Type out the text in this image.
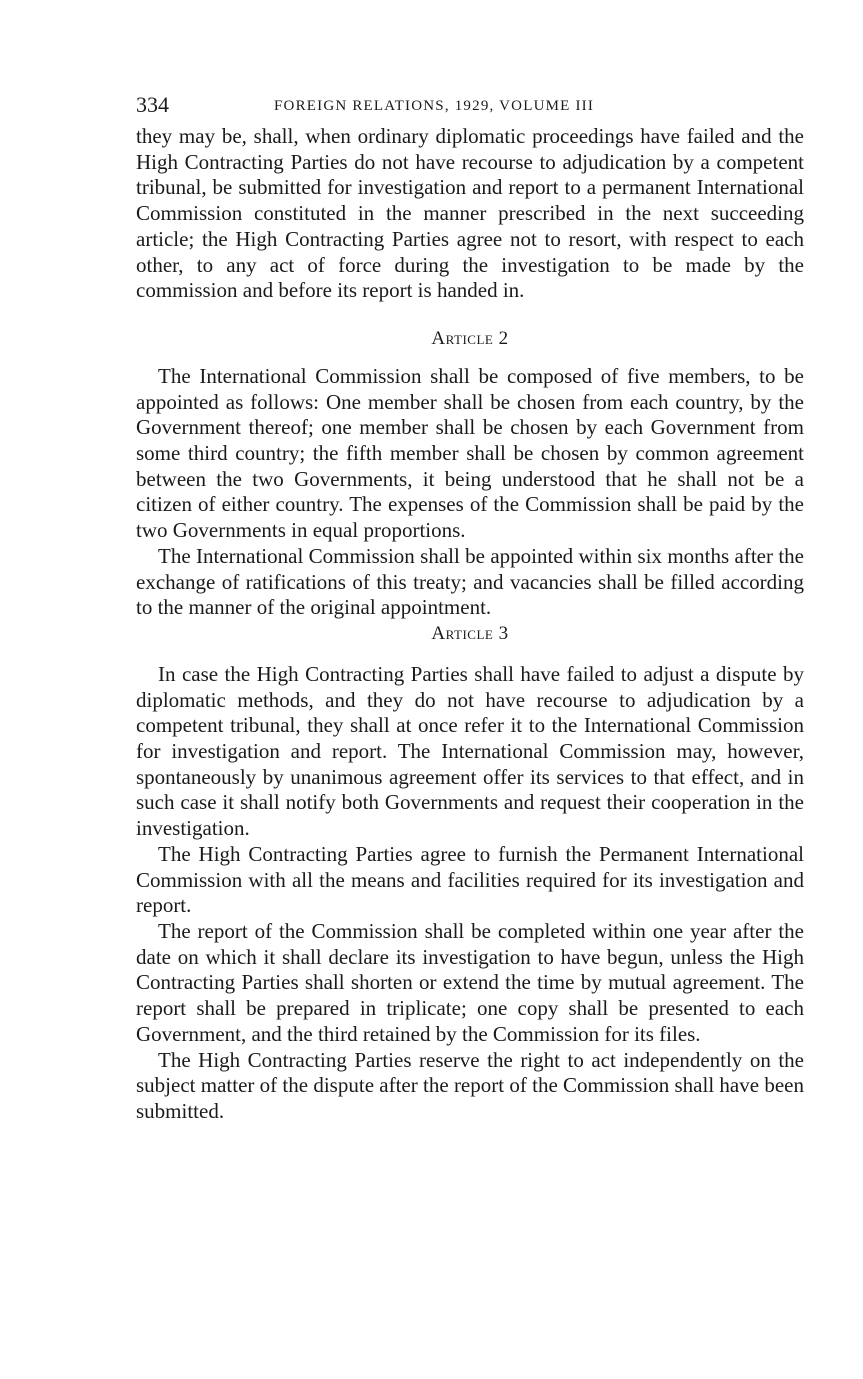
334	FOREIGN RELATIONS, 1929, VOLUME III

they may be, shall, when ordinary diplomatic proceedings have failed and the High Contracting Parties do not have recourse to adjudication by a competent tribunal, be submitted for investigation and report to a permanent International Commission constituted in the manner prescribed in the next succeeding article; the High Contracting Parties agree not to resort, with respect to each other, to any act of force during the investigation to be made by the commission and before its report is handed in.

Article 2

The International Commission shall be composed of five members, to be appointed as follows: One member shall be chosen from each country, by the Government thereof; one member shall be chosen by each Government from some third country; the fifth member shall be chosen by common agreement between the two Governments, it being understood that he shall not be a citizen of either country. The expenses of the Commission shall be paid by the two Governments in equal proportions.

The International Commission shall be appointed within six months after the exchange of ratifications of this treaty; and vacancies shall be filled according to the manner of the original appointment.

Article 3

In case the High Contracting Parties shall have failed to adjust a dispute by diplomatic methods, and they do not have recourse to adjudication by a competent tribunal, they shall at once refer it to the International Commission for investigation and report. The International Commission may, however, spontaneously by unanimous agreement offer its services to that effect, and in such case it shall notify both Governments and request their cooperation in the investigation.

The High Contracting Parties agree to furnish the Permanent International Commission with all the means and facilities required for its investigation and report.

The report of the Commission shall be completed within one year after the date on which it shall declare its investigation to have begun, unless the High Contracting Parties shall shorten or extend the time by mutual agreement. The report shall be prepared in triplicate; one copy shall be presented to each Government, and the third retained by the Commission for its files.

The High Contracting Parties reserve the right to act independently on the subject matter of the dispute after the report of the Commission shall have been submitted.
